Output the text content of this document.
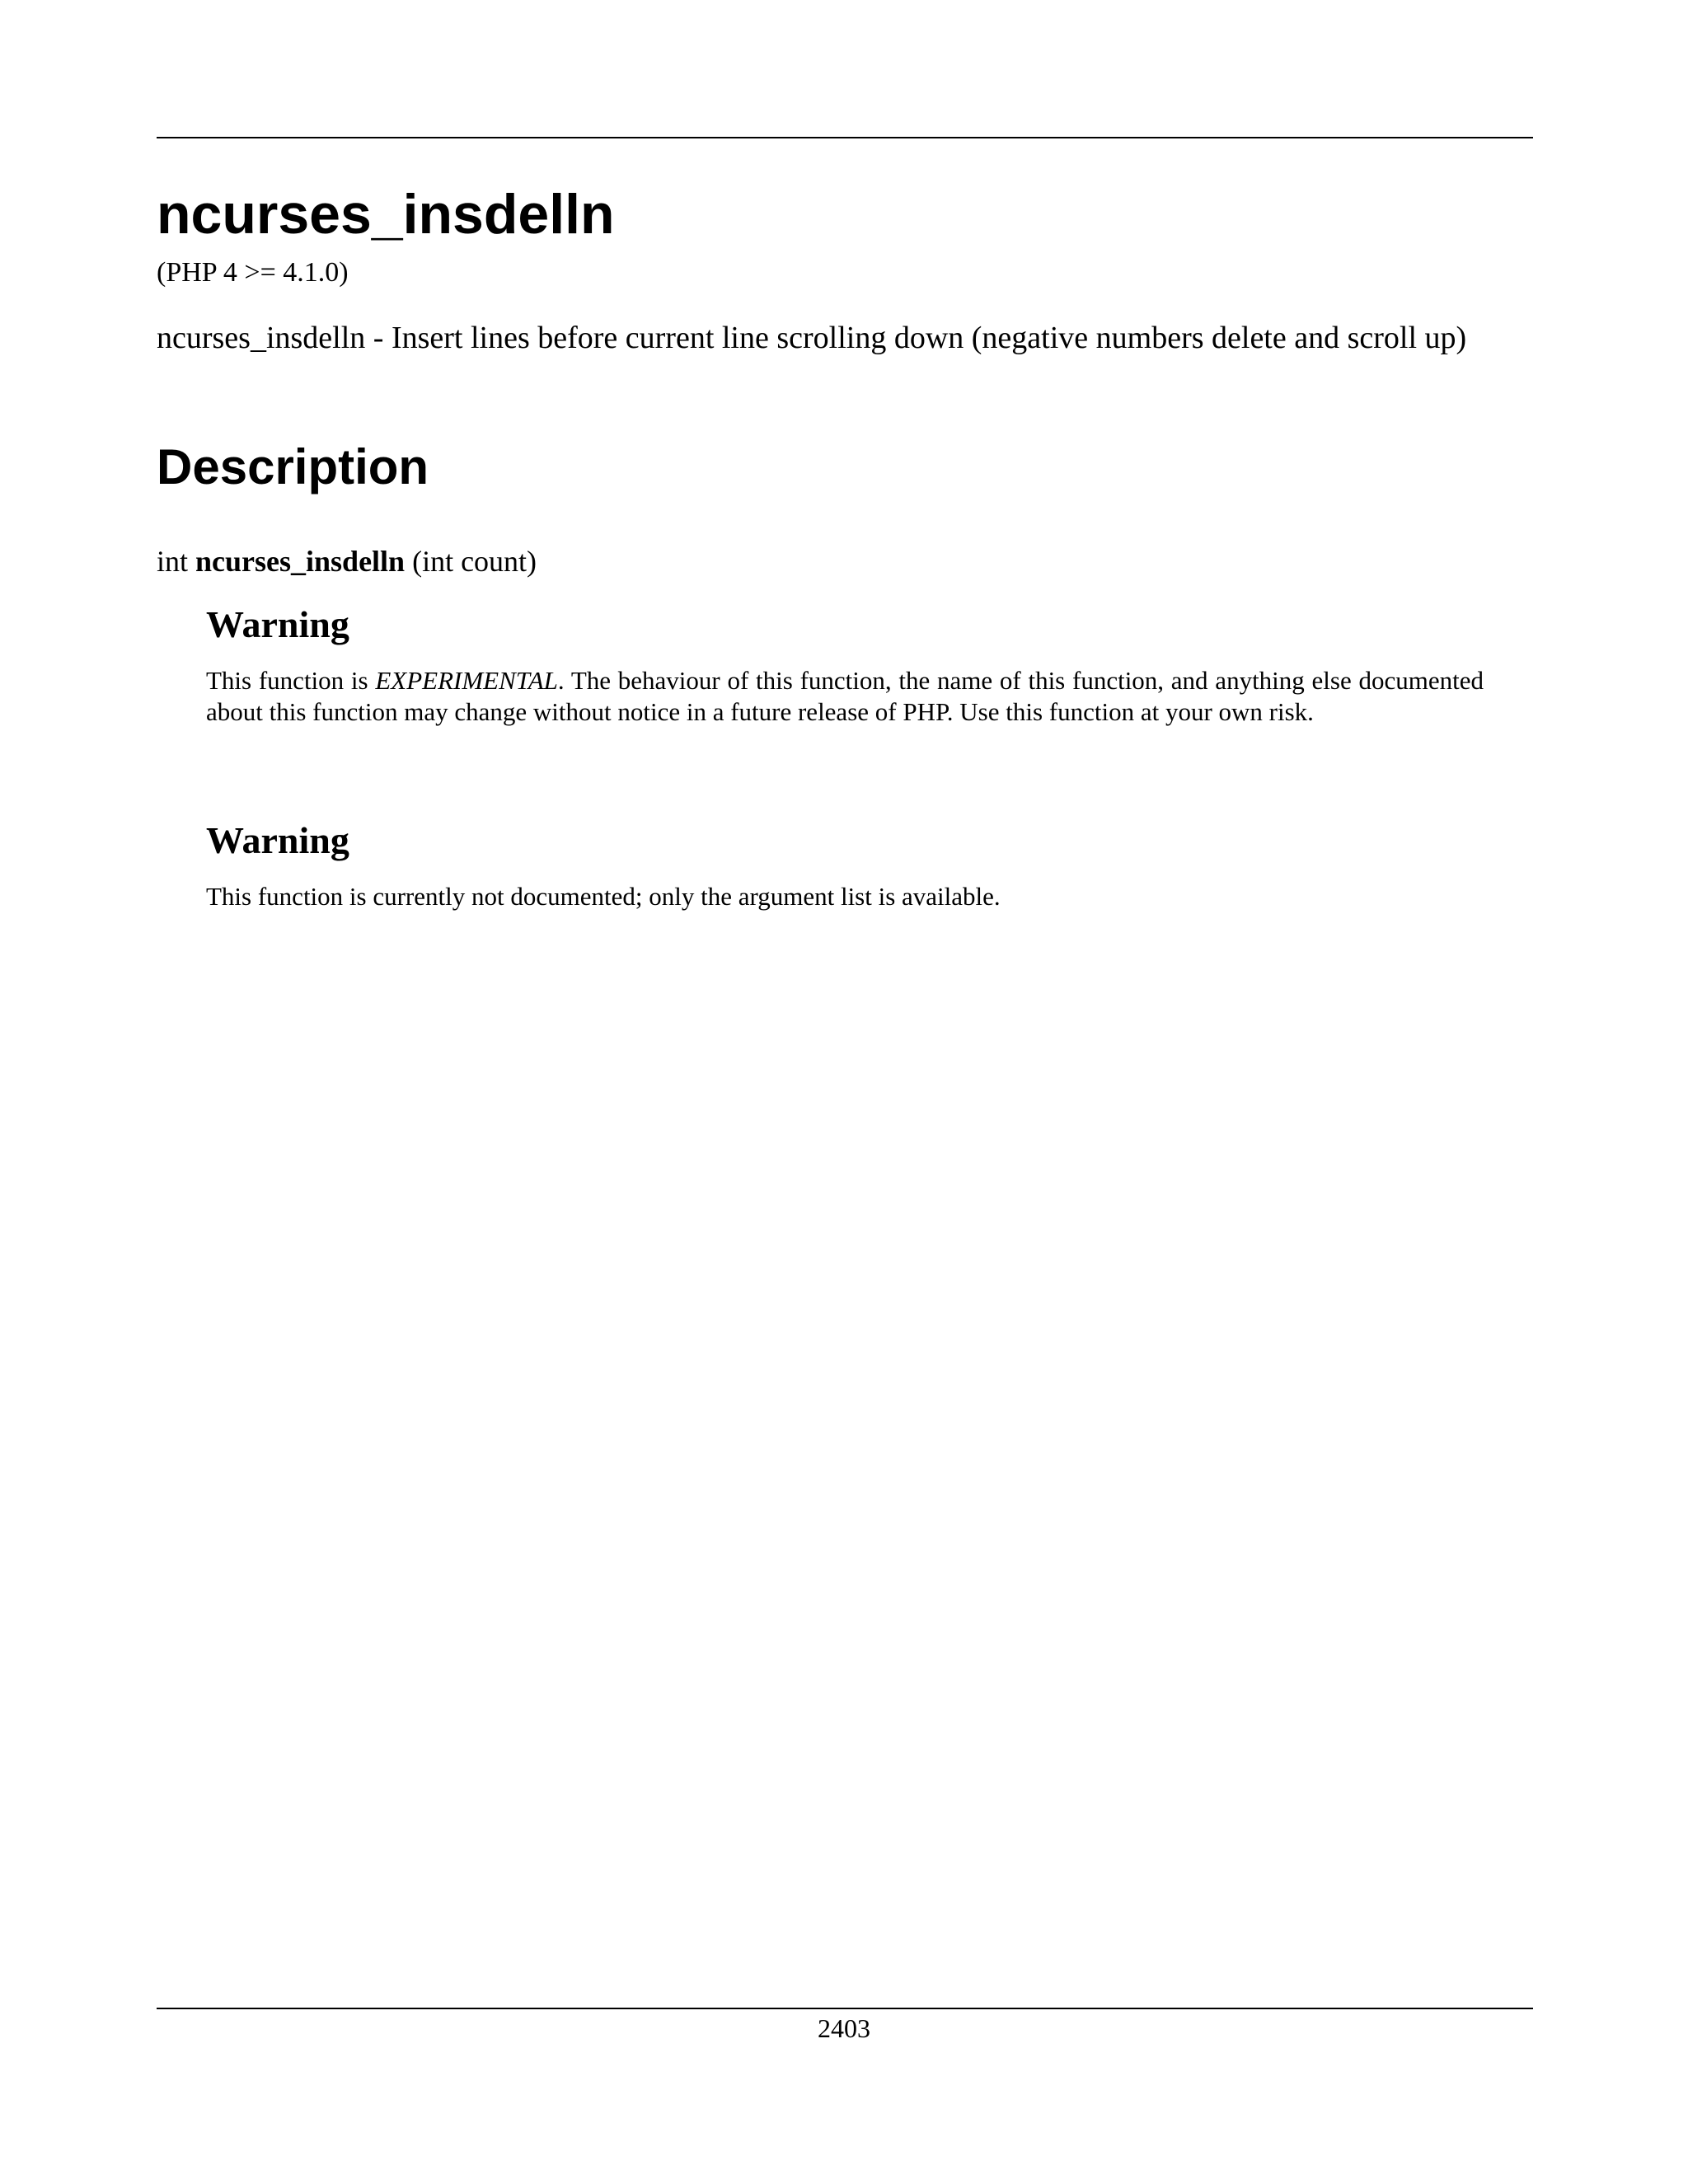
ncurses_insdelln
(PHP 4 >= 4.1.0)

ncurses_insdelln - Insert lines before current line scrolling down (negative numbers delete and scroll up)

Description
int ncurses_insdelln (int count)
Warning

This function is EXPERIMENTAL. The behaviour of this function, the name of this function, and anything else documented about this function may change without notice in a future release of PHP. Use this function at your own risk.

Warning

This function is currently not documented; only the argument list is available.

2403
